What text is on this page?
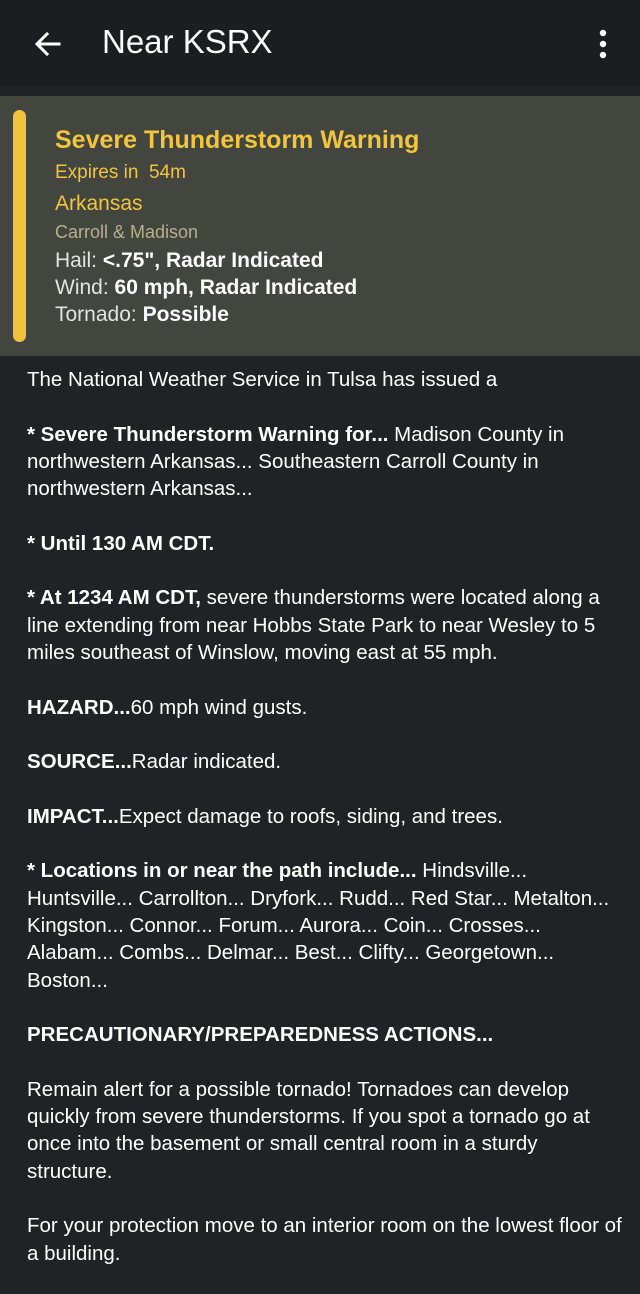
Near KSRX
Severe Thunderstorm Warning
Expires in  54m
Arkansas
Carroll & Madison
Hail: <.75", Radar Indicated
Wind: 60 mph, Radar Indicated
Tornado: Possible

The National Weather Service in Tulsa has issued a

* Severe Thunderstorm Warning for... Madison County in northwestern Arkansas... Southeastern Carroll County in northwestern Arkansas...

* Until 130 AM CDT.

* At 1234 AM CDT, severe thunderstorms were located along a line extending from near Hobbs State Park to near Wesley to 5 miles southeast of Winslow, moving east at 55 mph.

HAZARD...60 mph wind gusts.

SOURCE...Radar indicated.

IMPACT...Expect damage to roofs, siding, and trees.

* Locations in or near the path include... Hindsville... Huntsville... Carrollton... Dryfork... Rudd... Red Star... Metalton... Kingston... Connor... Forum... Aurora... Coin... Crosses... Alabam... Combs... Delmar... Best... Clifty... Georgetown... Boston...

PRECAUTIONARY/PREPAREDNESS ACTIONS...

Remain alert for a possible tornado! Tornadoes can develop quickly from severe thunderstorms. If you spot a tornado go at once into the basement or small central room in a sturdy structure.

For your protection move to an interior room on the lowest floor of a building.
